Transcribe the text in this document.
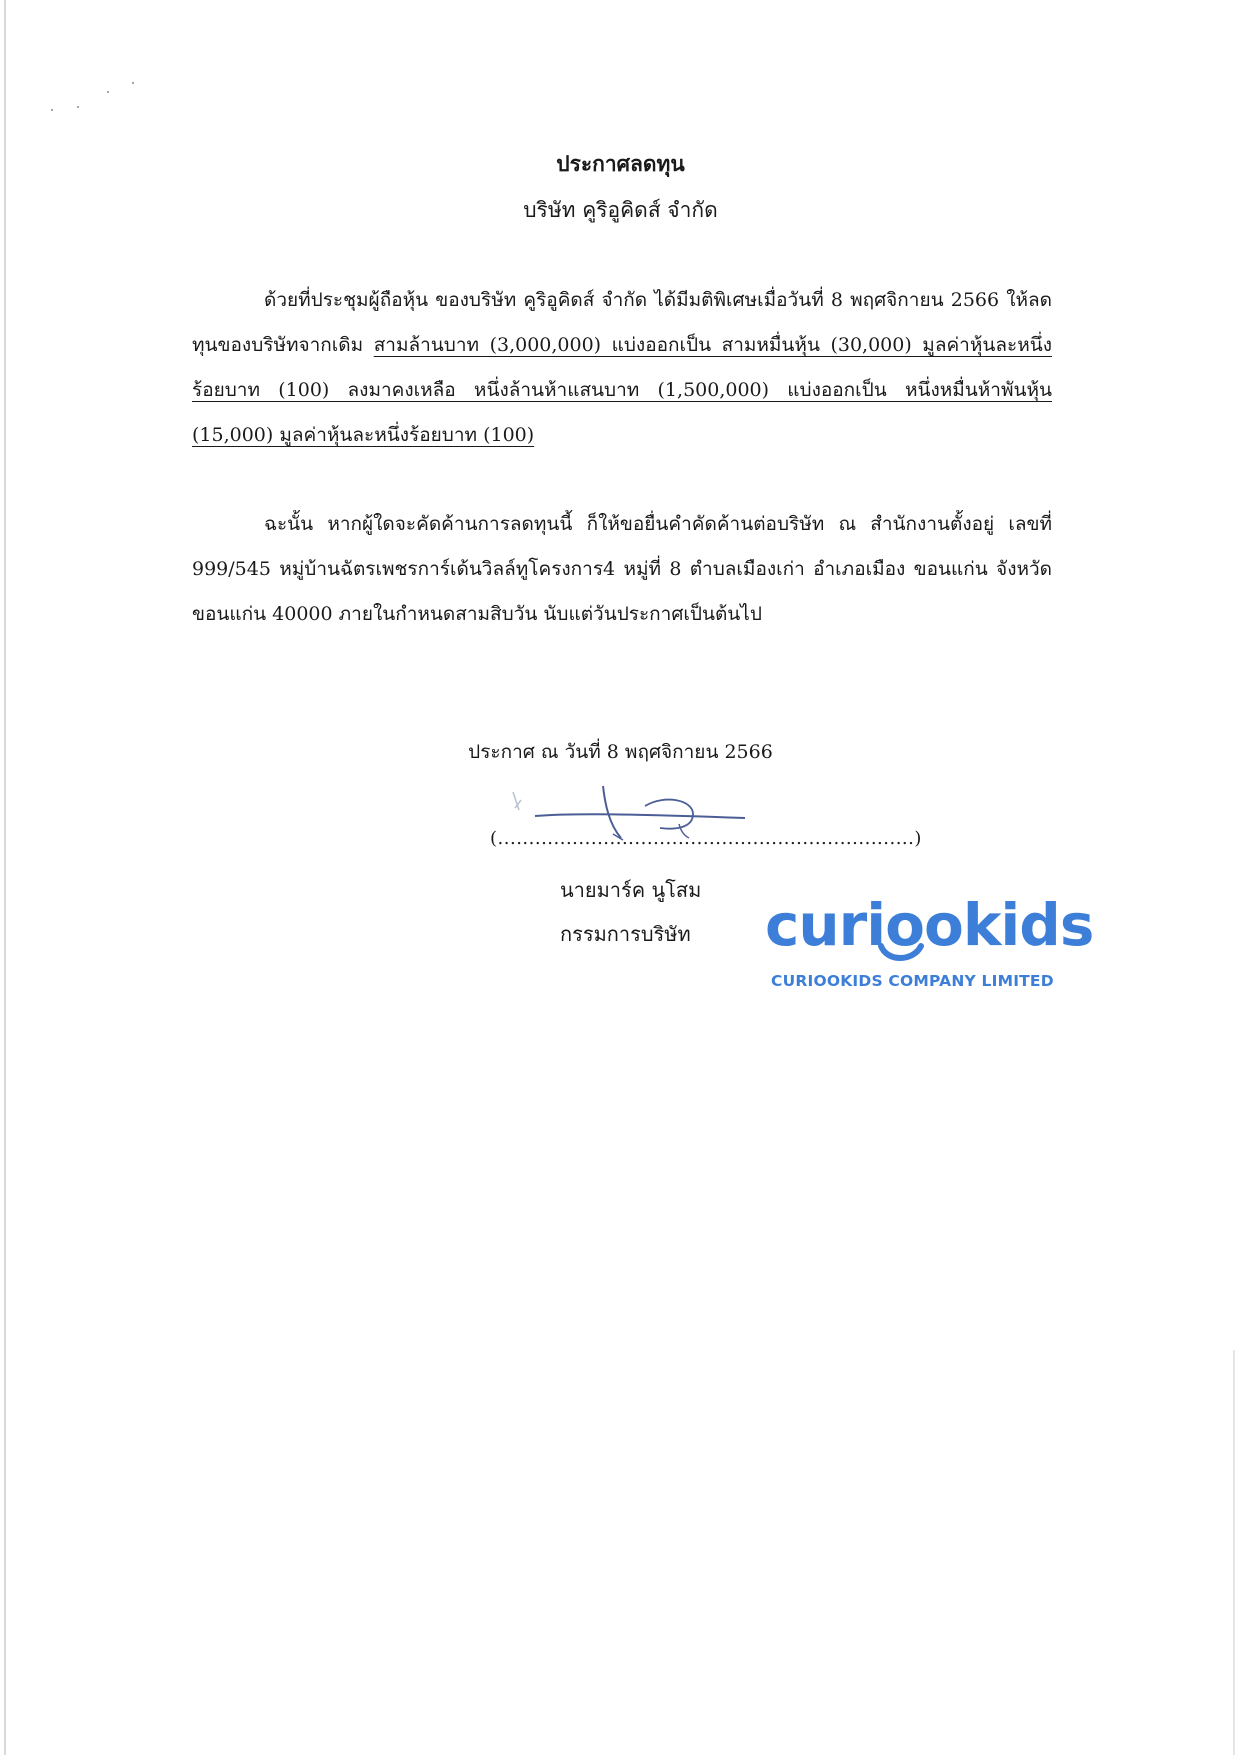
ประกาศลดทุน
บริษัท คูริอูคิดส์ จำกัด
ด้วยที่ประชุมผู้ถือหุ้น ของบริษัท คูริอูคิดส์ จำกัด ได้มีมติพิเศษเมื่อวันที่ 8 พฤศจิกายน 2566 ให้ลดทุนของบริษัทจากเดิม สามล้านบาท (3,000,000) แบ่งออกเป็น สามหมื่นหุ้น (30,000) มูลค่าหุ้นละหนึ่งร้อยบาท (100) ลงมาคงเหลือ หนึ่งล้านห้าแสนบาท (1,500,000) แบ่งออกเป็น หนึ่งหมื่นห้าพันหุ้น (15,000) มูลค่าหุ้นละหนึ่งร้อยบาท (100)
ฉะนั้น หากผู้ใดจะคัดค้านการลดทุนนี้ ก็ให้ขอยื่นคำคัดค้านต่อบริษัท ณ สำนักงานตั้งอยู่ เลขที่ 999/545 หมู่บ้านฉัตรเพชรการ์เด้นวิลล์ทูโครงการ4 หมู่ที่ 8 ตำบลเมืองเก่า อำเภอเมือง ขอนแก่น จังหวัดขอนแก่น 40000 ภายในกำหนดสามสิบวัน นับแต่วันประกาศเป็นต้นไป
ประกาศ ณ วันที่ 8 พฤศจิกายน 2566
(...................................................................)
นายมาร์ค นูโสม
กรรมการบริษัท curiookids
CURIOOKIDS COMPANY LIMITED
